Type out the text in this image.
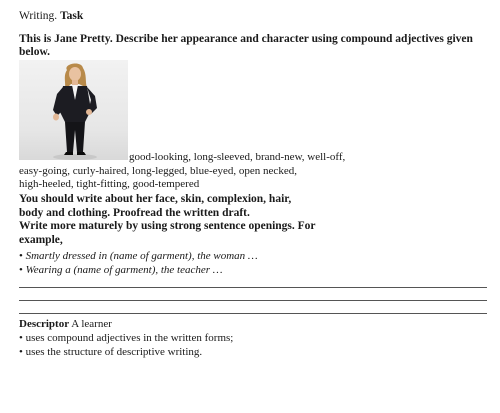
Writing. Task
This is Jane Pretty. Describe her appearance and character using compound adjectives given below.
good-looking, long-sleeved, brand-new, well-off,
easy-going, curly-haired, long-legged, blue-eyed, open necked,
high-heeled, tight-fitting, good-tempered
You should write about her face, skin, complexion, hair,
body and clothing. Proofread the written draft.
Write more maturely by using strong sentence openings. For
example,
• Smartly dressed in (name of garment), the woman …
• Wearing a (name of garment), the teacher …
Descriptor A learner
• uses compound adjectives in the written forms;
• uses the structure of descriptive writing.
